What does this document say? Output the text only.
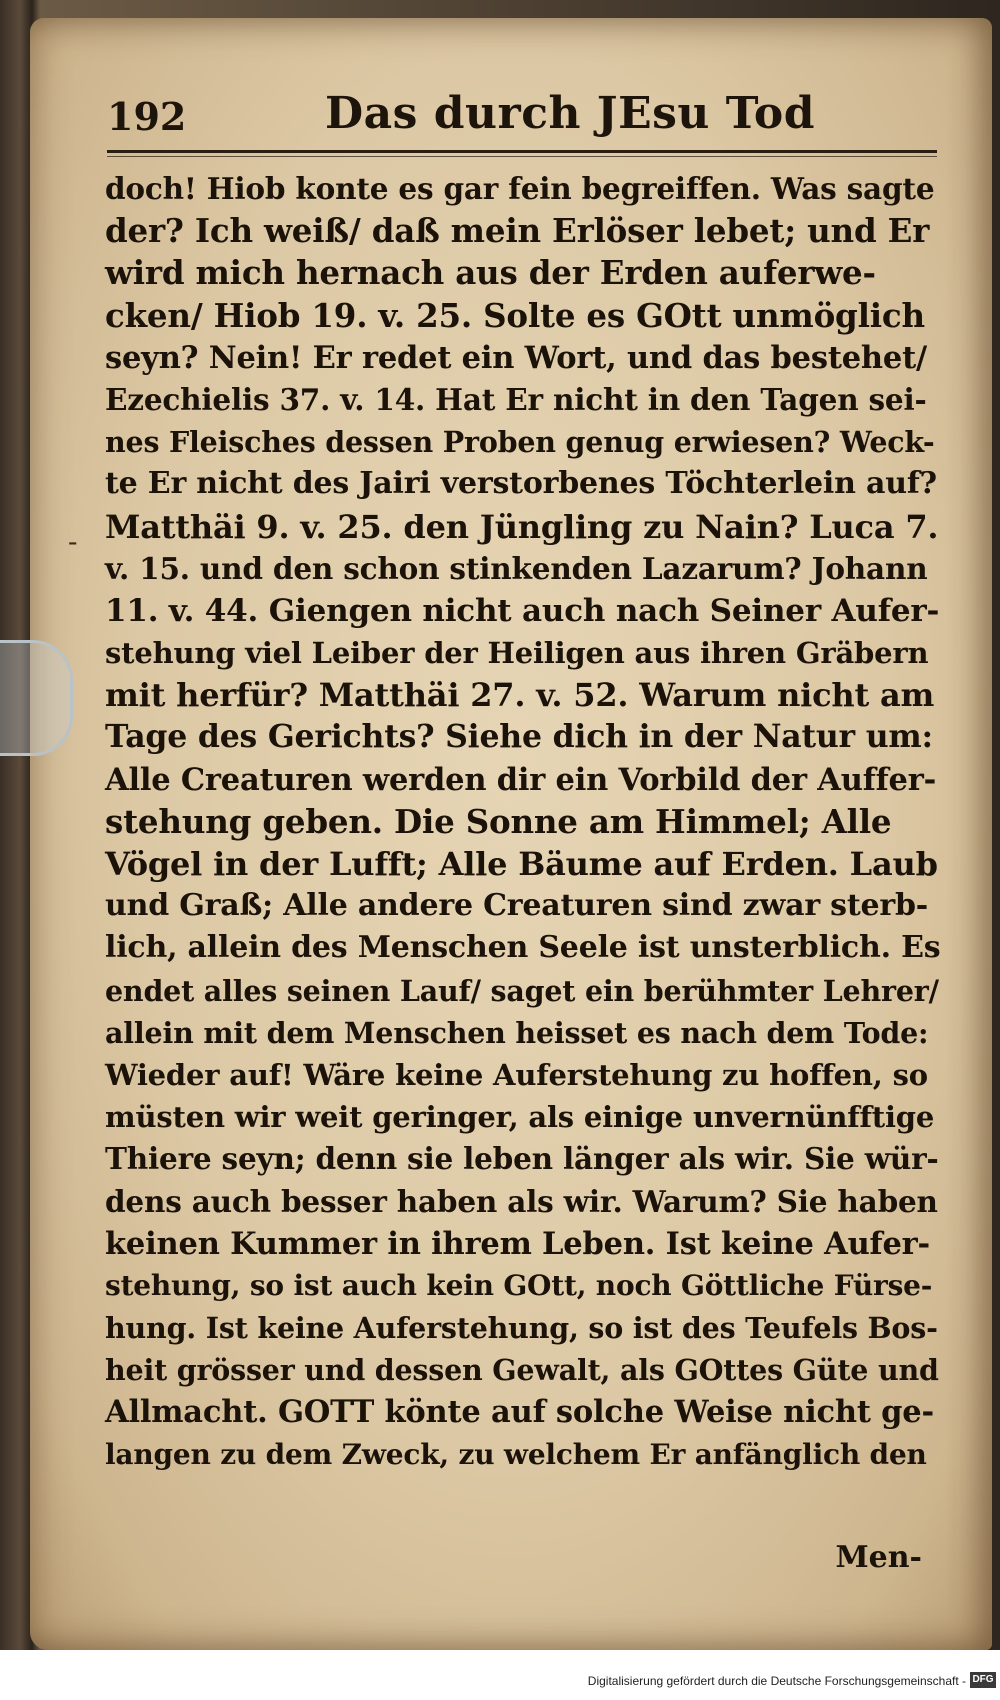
-
192	Das durch JEsu Tod
doch! Hiob konte es gar fein begreiffen. Was sagte
der? Ich weiß/ daß mein Erlöser lebet; und Er
wird mich hernach aus der Erden auferwe-
cken/ Hiob 19. v. 25. Solte es GOtt unmöglich
seyn? Nein! Er redet ein Wort, und das bestehet/
Ezechielis 37. v. 14. Hat Er nicht in den Tagen sei-
nes Fleisches dessen Proben genug erwiesen? Weck-
te Er nicht des Jairi verstorbenes Töchterlein auf?
Matthäi 9. v. 25. den Jüngling zu Nain? Luca 7.
v. 15. und den schon stinkenden Lazarum? Johann
11. v. 44. Giengen nicht auch nach Seiner Aufer-
stehung viel Leiber der Heiligen aus ihren Gräbern
mit herfür? Matthäi 27. v. 52. Warum nicht am
Tage des Gerichts? Siehe dich in der Natur um:
Alle Creaturen werden dir ein Vorbild der Auffer-
stehung geben. Die Sonne am Himmel; Alle
Vögel in der Lufft; Alle Bäume auf Erden. Laub
und Graß; Alle andere Creaturen sind zwar sterb-
lich, allein des Menschen Seele ist unsterblich. Es
endet alles seinen Lauf/ saget ein berühmter Lehrer/
allein mit dem Menschen heisset es nach dem Tode:
Wieder auf! Wäre keine Auferstehung zu hoffen, so
müsten wir weit geringer, als einige unvernünfftige
Thiere seyn; denn sie leben länger als wir. Sie wür-
dens auch besser haben als wir. Warum? Sie haben
keinen Kummer in ihrem Leben. Ist keine Aufer-
stehung, so ist auch kein GOtt, noch Göttliche Fürse-
hung. Ist keine Auferstehung, so ist des Teufels Bos-
heit grösser und dessen Gewalt, als GOttes Güte und
Allmacht. GOTT könte auf solche Weise nicht ge-
langen zu dem Zweck, zu welchem Er anfänglich den
Men-
Digitalisierung gefördert durch die Deutsche Forschungsgemeinschaft - DFG
